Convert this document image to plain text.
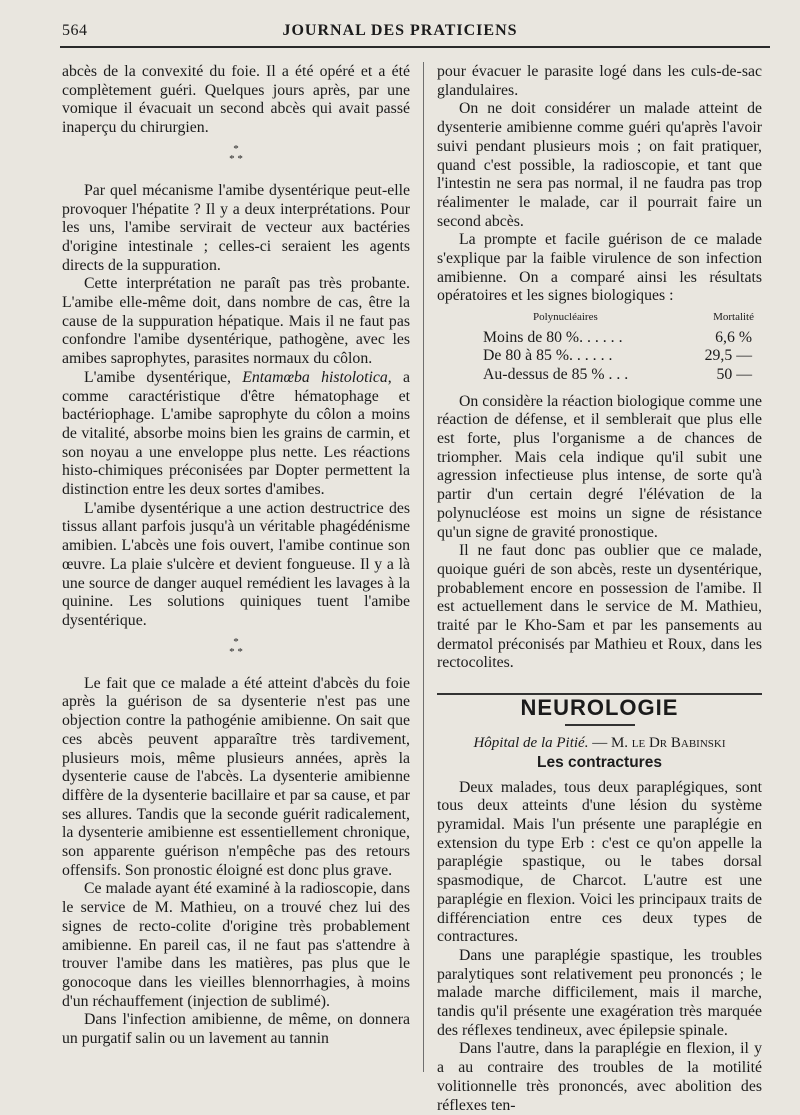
564	JOURNAL DES PRATICIENS

abcès de la convexité du foie. Il a été opéré et a été complètement guéri. Quelques jours après, par une vomique il évacuait un second abcès qui avait passé inaperçu du chirurgien.

*
* *

Par quel mécanisme l'amibe dysentérique peut-elle provoquer l'hépatite ? Il y a deux interprétations. Pour les uns, l'amibe servirait de vecteur aux bactéries d'origine intestinale ; celles-ci seraient les agents directs de la suppuration.

Cette interprétation ne paraît pas très probante. L'amibe elle-même doit, dans nombre de cas, être la cause de la suppuration hépatique. Mais il ne faut pas confondre l'amibe dysentérique, pathogène, avec les amibes saprophytes, parasites normaux du côlon.

L'amibe dysentérique, Entamœba histolotica, a comme caractéristique d'être hématophage et bactériophage. L'amibe saprophyte du côlon a moins de vitalité, absorbe moins bien les grains de carmin, et son noyau a une enveloppe plus nette. Les réactions histo-chimiques préconisées par Dopter permettent la distinction entre les deux sortes d'amibes.

L'amibe dysentérique a une action destructrice des tissus allant parfois jusqu'à un véritable phagédénisme amibien. L'abcès une fois ouvert, l'amibe continue son œuvre. La plaie s'ulcère et devient fongueuse. Il y a là une source de danger auquel remédient les lavages à la quinine. Les solutions quiniques tuent l'amibe dysentérique.

*
* *

Le fait que ce malade a été atteint d'abcès du foie après la guérison de sa dysenterie n'est pas une objection contre la pathogénie amibienne. On sait que ces abcès peuvent apparaître très tardivement, plusieurs mois, même plusieurs années, après la dysenterie cause de l'abcès. La dysenterie amibienne diffère de la dysenterie bacillaire et par sa cause, et par ses allures. Tandis que la seconde guérit radicalement, la dysenterie amibienne est essentiellement chronique, son apparente guérison n'empêche pas des retours offensifs. Son pronostic éloigné est donc plus grave.

Ce malade ayant été examiné à la radioscopie, dans le service de M. Mathieu, on a trouvé chez lui des signes de recto-colite d'origine très probablement amibienne. En pareil cas, il ne faut pas s'attendre à trouver l'amibe dans les matières, pas plus que le gonocoque dans les vieilles blennorrhagies, à moins d'un réchauffement (injection de sublimé).

Dans l'infection amibienne, de même, on donnera un purgatif salin ou un lavement au tannin

pour évacuer le parasite logé dans les culs-de-sac glandulaires.

On ne doit considérer un malade atteint de dysenterie amibienne comme guéri qu'après l'avoir suivi pendant plusieurs mois ; on fait pratiquer, quand c'est possible, la radioscopie, et tant que l'intestin ne sera pas normal, il ne faudra pas trop réalimenter le malade, car il pourrait faire un second abcès.

La prompte et facile guérison de ce malade s'explique par la faible virulence de son infection amibienne. On a comparé ainsi les résultats opératoires et les signes biologiques :

Polynucléaires	Mortalité
Moins de 80 %. . . . . .	6,6 %
De 80 à 85 %. . . . . .	29,5 —
Au-dessus de 85 % . . .	50 —

On considère la réaction biologique comme une réaction de défense, et il semblerait que plus elle est forte, plus l'organisme a de chances de triompher. Mais cela indique qu'il subit une agression infectieuse plus intense, de sorte qu'à partir d'un certain degré l'élévation de la polynucléose est moins un signe de résistance qu'un signe de gravité pronostique.

Il ne faut donc pas oublier que ce malade, quoique guéri de son abcès, reste un dysentérique, probablement encore en possession de l'amibe. Il est actuellement dans le service de M. Mathieu, traité par le Kho-Sam et par les pansements au dermatol préconisés par Mathieu et Roux, dans les rectocolites.

NEUROLOGIE
Hôpital de la Pitié. — M. le Dr Babinski
Les contractures

Deux malades, tous deux paraplégiques, sont tous deux atteints d'une lésion du système pyramidal. Mais l'un présente une paraplégie en extension du type Erb : c'est ce qu'on appelle la paraplégie spastique, ou le tabes dorsal spasmodique, de Charcot. L'autre est une paraplégie en flexion. Voici les principaux traits de différenciation entre ces deux types de contractures.

Dans une paraplégie spastique, les troubles paralytiques sont relativement peu prononcés ; le malade marche difficilement, mais il marche, tandis qu'il présente une exagération très marquée des réflexes tendineux, avec épilepsie spinale.

Dans l'autre, dans la paraplégie en flexion, il y a au contraire des troubles de la motilité volitionnelle très prononcés, avec abolition des réflexes ten-
